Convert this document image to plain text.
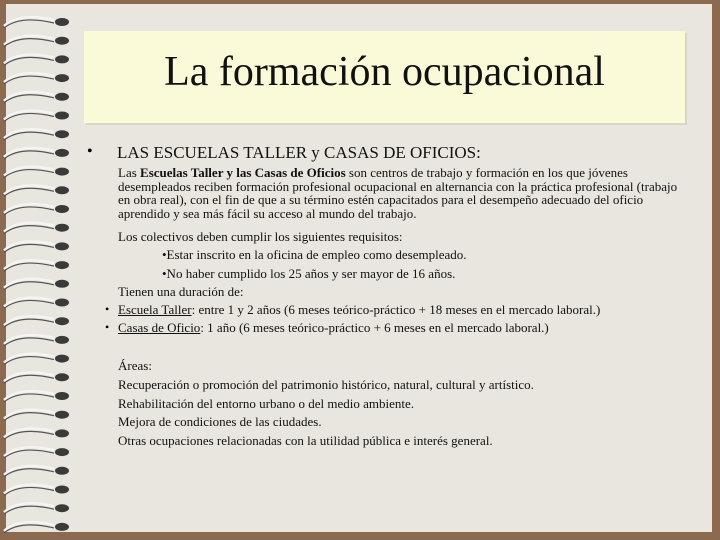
La formación ocupacional
• LAS ESCUELAS TALLER y CASAS DE OFICIOS:
Las Escuelas Taller y las Casas de Oficios son centros de trabajo y formación en los que jóvenes desempleados reciben formación profesional ocupacional en alternancia con la práctica profesional (trabajo en obra real), con el fin de que a su término estén capacitados para el desempeño adecuado del oficio aprendido y sea más fácil su acceso al mundo del trabajo.
Los colectivos deben cumplir los siguientes requisitos:
•Estar inscrito en la oficina de empleo como desempleado.
•No haber cumplido los 25 años y ser mayor de 16 años.
Tienen una duración de:
• Escuela Taller: entre 1 y 2 años (6 meses teórico-práctico + 18 meses en el mercado laboral.)
• Casas de Oficio: 1 año (6 meses teórico-práctico + 6 meses en el mercado laboral.)
Áreas:
Recuperación o promoción del patrimonio histórico, natural, cultural y artístico.
Rehabilitación del entorno urbano o del medio ambiente.
Mejora de condiciones de las ciudades.
Otras ocupaciones relacionadas con la utilidad pública e interés general.
